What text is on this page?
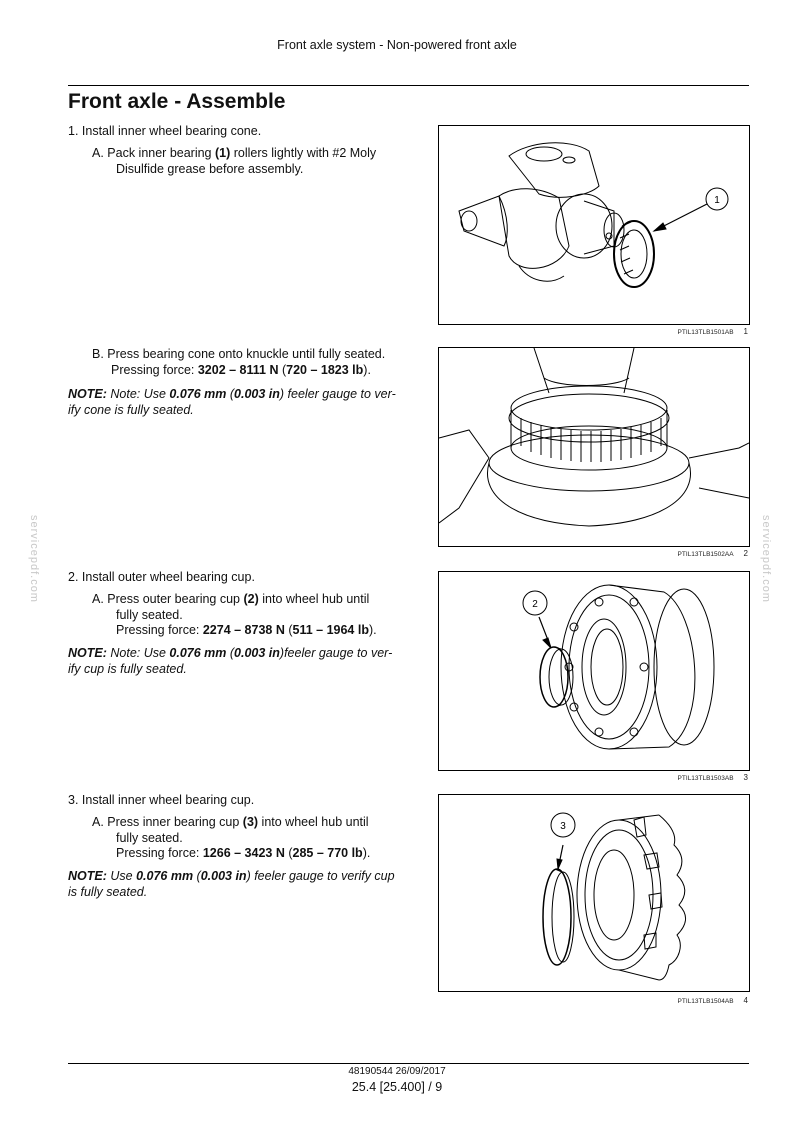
Front axle system - Non-powered front axle
Front axle - Assemble
1. Install inner wheel bearing cone.
A. Pack inner bearing (1) rollers lightly with #2 Moly
Disulfide grease before assembly.
B. Press bearing cone onto knuckle until fully seated.
Pressing force: 3202 – 8111 N (720 – 1823 lb).
NOTE: Note: Use 0.076 mm (0.003 in) feeler gauge to ver-
ify cone is fully seated.
2. Install outer wheel bearing cup.
A. Press outer bearing cup (2) into wheel hub until
fully seated.
Pressing force: 2274 – 8738 N (511 – 1964 lb).
NOTE: Note: Use 0.076 mm (0.003 in)feeler gauge to ver-
ify cup is fully seated.
3. Install inner wheel bearing cup.
A. Press inner bearing cup (3) into wheel hub until
fully seated.
Pressing force: 1266 – 3423 N (285 – 770 lb).
NOTE: Use 0.076 mm (0.003 in) feeler gauge to verify cup
is fully seated.
1
PTIL13TLB1501AB 1
PTIL13TLB1502AA 2
2
PTIL13TLB1503AB 3
3
PTIL13TLB1504AB 4
servicepdf.com	servicepdf.com
48190544 26/09/2017
25.4 [25.400] / 9
